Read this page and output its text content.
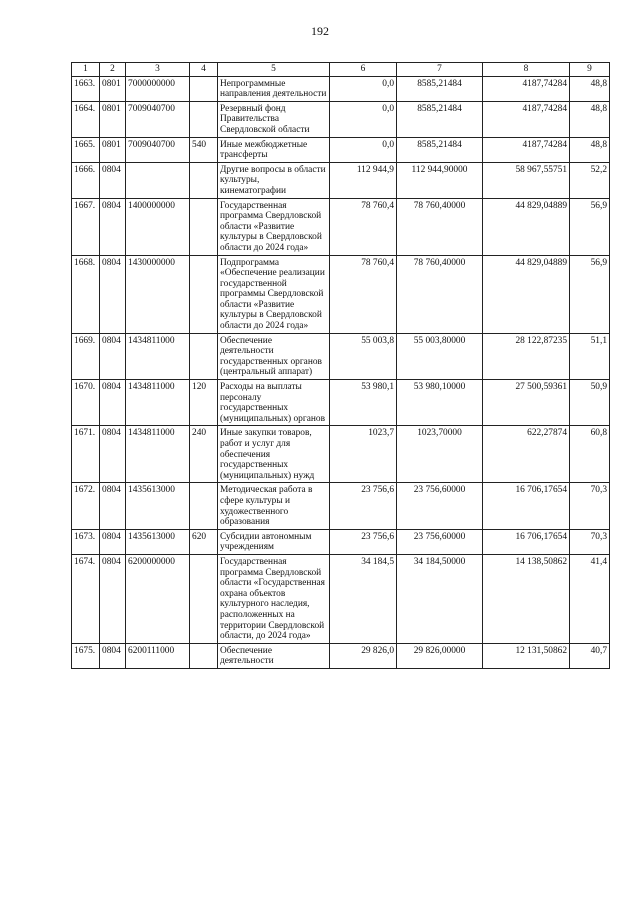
192
1	2	3	4	5	6	7	8	9
1663.	0801	7000000000		Непрограммные направления деятельности	0,0	8585,21484	4187,74284	48,8
1664.	0801	7009040700		Резервный фонд Правительства Свердловской области	0,0	8585,21484	4187,74284	48,8
1665.	0801	7009040700	540	Иные межбюджетные трансферты	0,0	8585,21484	4187,74284	48,8
1666.	0804			Другие вопросы в области культуры, кинематографии	112 944,9	112 944,90000	58 967,55751	52,2
1667.	0804	1400000000		Государственная программа Свердловской области «Развитие культуры в Свердловской области до 2024 года»	78 760,4	78 760,40000	44 829,04889	56,9
1668.	0804	1430000000		Подпрограмма «Обеспечение реализации государственной программы Свердловской области «Развитие культуры в Свердловской области до 2024 года»	78 760,4	78 760,40000	44 829,04889	56,9
1669.	0804	1434811000		Обеспечение деятельности государственных органов (центральный аппарат)	55 003,8	55 003,80000	28 122,87235	51,1
1670.	0804	1434811000	120	Расходы на выплаты персоналу государственных (муниципальных) органов	53 980,1	53 980,10000	27 500,59361	50,9
1671.	0804	1434811000	240	Иные закупки товаров, работ и услуг для обеспечения государственных (муниципальных) нужд	1023,7	1023,70000	622,27874	60,8
1672.	0804	1435613000		Методическая работа в сфере культуры и художественного образования	23 756,6	23 756,60000	16 706,17654	70,3
1673.	0804	1435613000	620	Субсидии автономным учреждениям	23 756,6	23 756,60000	16 706,17654	70,3
1674.	0804	6200000000		Государственная программа Свердловской области «Государственная охрана объектов культурного наследия, расположенных на территории Свердловской области, до 2024 года»	34 184,5	34 184,50000	14 138,50862	41,4
1675.	0804	6200111000		Обеспечение деятельности	29 826,0	29 826,00000	12 131,50862	40,7
